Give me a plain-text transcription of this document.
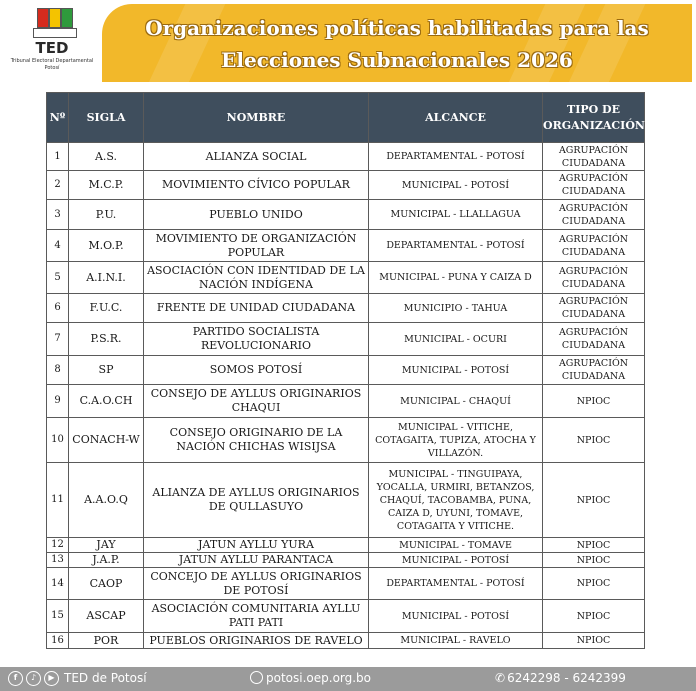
TED
Tribunal Electoral Departamental
Potosí
Organizaciones políticas habilitadas para las
Elecciones Subnacionales 2026
Nº	SIGLA	NOMBRE	ALCANCE	TIPO DE
ORGANIZACIÓN
1	A.S.	ALIANZA SOCIAL	DEPARTAMENTAL - POTOSÍ	AGRUPACIÓN CIUDADANA
2	M.C.P.	MOVIMIENTO CÍVICO POPULAR	MUNICIPAL - POTOSÍ	AGRUPACIÓN CIUDADANA
3	P.U.	PUEBLO UNIDO	MUNICIPAL - LLALLAGUA	AGRUPACIÓN CIUDADANA
4	M.O.P.	MOVIMIENTO DE ORGANIZACIÓN POPULAR	DEPARTAMENTAL - POTOSÍ	AGRUPACIÓN CIUDADANA
5	A.I.N.I.	ASOCIACIÓN CON IDENTIDAD DE LA NACIÓN INDÍGENA	MUNICIPAL - PUNA Y CAIZA D	AGRUPACIÓN CIUDADANA
6	F.U.C.	FRENTE DE UNIDAD CIUDADANA	MUNICIPIO - TAHUA	AGRUPACIÓN CIUDADANA
7	P.S.R.	PARTIDO SOCIALISTA REVOLUCIONARIO	MUNICIPAL - OCURI	AGRUPACIÓN CIUDADANA
8	SP	SOMOS POTOSÍ	MUNICIPAL - POTOSÍ	AGRUPACIÓN CIUDADANA
9	C.A.O.CH	CONSEJO DE AYLLUS ORIGINARIOS CHAQUI	MUNICIPAL - CHAQUÍ	NPIOC
10	CONACH-W	CONSEJO ORIGINARIO DE LA NACIÓN CHICHAS WISIJSA	MUNICIPAL - VITICHE, COTAGAITA, TUPIZA, ATOCHA Y VILLAZÓN.	NPIOC
11	A.A.O.Q	ALIANZA DE AYLLUS ORIGINARIOS DE QULLASUYO	MUNICIPAL - TINGUIPAYA, YOCALLA, URMIRI, BETANZOS, CHAQUÍ, TACOBAMBA, PUNA, CAIZA D, UYUNI, TOMAVE, COTAGAITA Y VITICHE.	NPIOC
12	JAY	JATUN AYLLU YURA	MUNICIPAL - TOMAVE	NPIOC
13	J.A.P.	JATUN AYLLU PARANTACA	MUNICIPAL - POTOSÍ	NPIOC
14	CAOP	CONCEJO DE AYLLUS ORIGINARIOS DE POTOSÍ	DEPARTAMENTAL - POTOSÍ	NPIOC
15	ASCAP	ASOCIACIÓN COMUNITARIA AYLLU PATI PATI	MUNICIPAL - POTOSÍ	NPIOC
16	POR	PUEBLOS ORIGINARIOS DE RAVELO	MUNICIPAL - RAVELO	NPIOC
f	♪	▶ TED de Potosí	potosi.oep.org.bo	✆ 6242298 - 6242399
